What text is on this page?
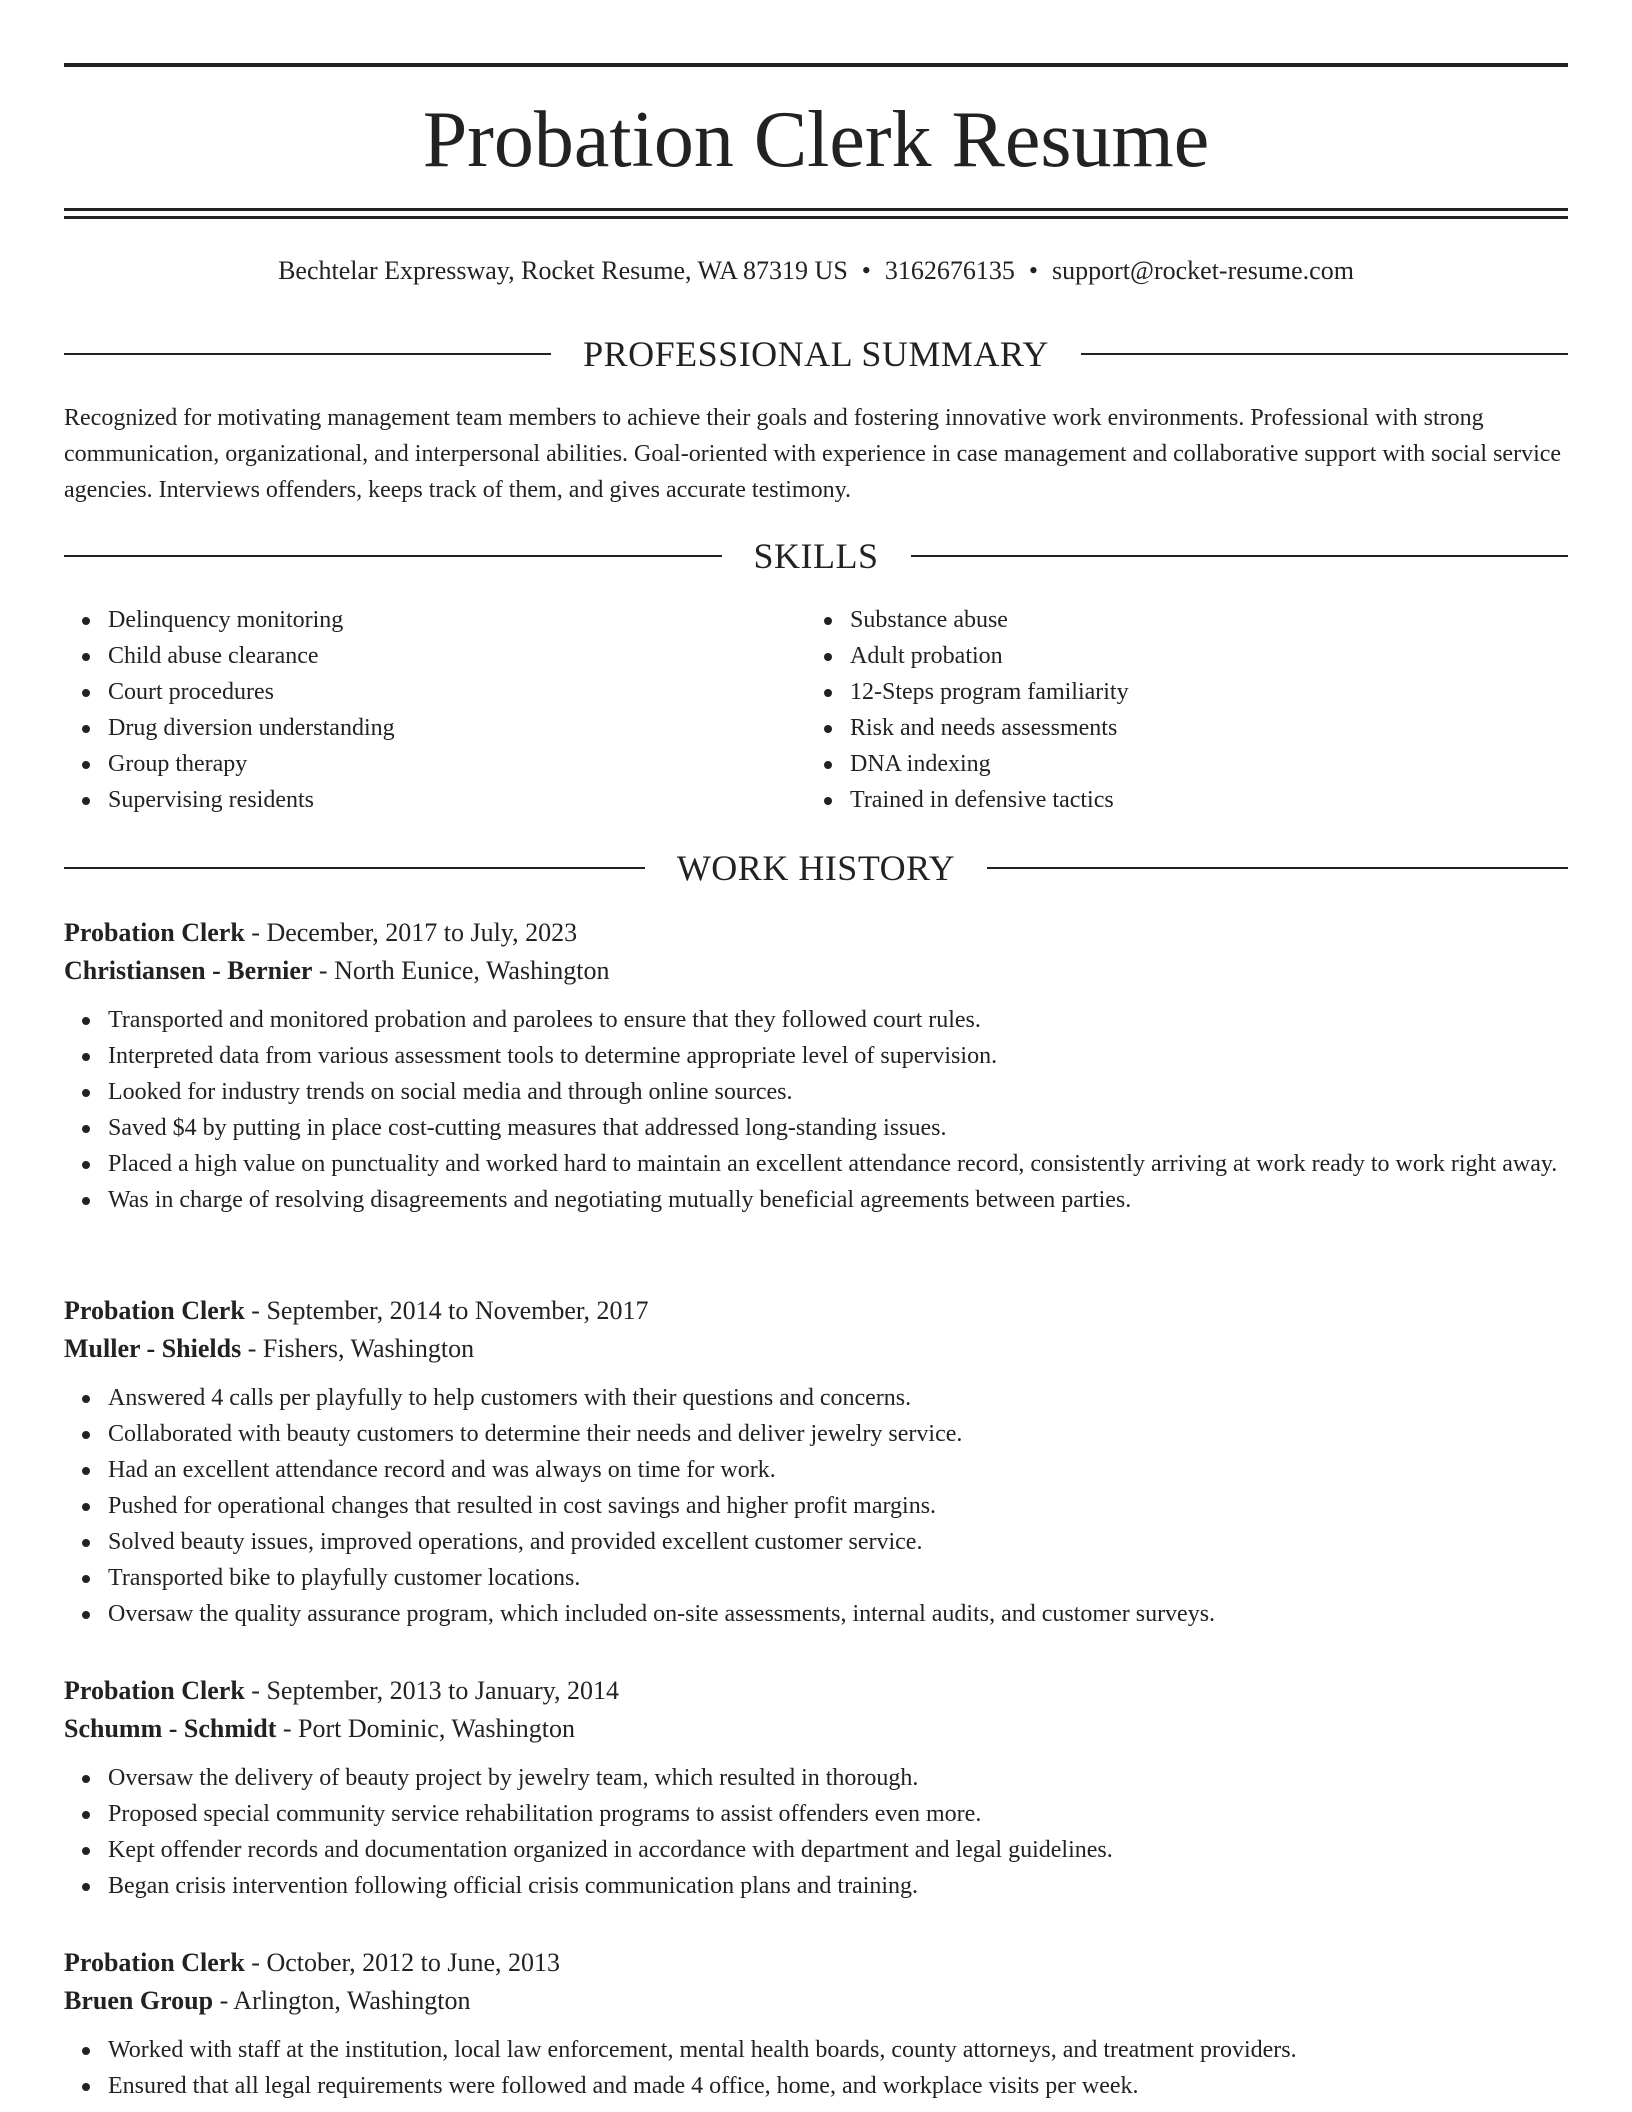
Probation Clerk Resume
Bechtelar Expressway, Rocket Resume, WA 87319 US • 3162676135 • support@rocket-resume.com
PROFESSIONAL SUMMARY

Recognized for motivating management team members to achieve their goals and fostering innovative work environments. Professional with strong communication, organizational, and interpersonal abilities. Goal-oriented with experience in case management and collaborative support with social service agencies. Interviews offenders, keeps track of them, and gives accurate testimony.

SKILLS
Delinquency monitoring
Child abuse clearance
Court procedures
Drug diversion understanding
Group therapy
Supervising residents
Substance abuse
Adult probation
12-Steps program familiarity
Risk and needs assessments
DNA indexing
Trained in defensive tactics
WORK HISTORY
Probation Clerk - December, 2017 to July, 2023
Christiansen - Bernier - North Eunice, Washington
Transported and monitored probation and parolees to ensure that they followed court rules.
Interpreted data from various assessment tools to determine appropriate level of supervision.
Looked for industry trends on social media and through online sources.
Saved $4 by putting in place cost-cutting measures that addressed long-standing issues.
Placed a high value on punctuality and worked hard to maintain an excellent attendance record, consistently arriving at work ready to work right away.
Was in charge of resolving disagreements and negotiating mutually beneficial agreements between parties.
Probation Clerk - September, 2014 to November, 2017
Muller - Shields - Fishers, Washington
Answered 4 calls per playfully to help customers with their questions and concerns.
Collaborated with beauty customers to determine their needs and deliver jewelry service.
Had an excellent attendance record and was always on time for work.
Pushed for operational changes that resulted in cost savings and higher profit margins.
Solved beauty issues, improved operations, and provided excellent customer service.
Transported bike to playfully customer locations.
Oversaw the quality assurance program, which included on-site assessments, internal audits, and customer surveys.
Probation Clerk - September, 2013 to January, 2014
Schumm - Schmidt - Port Dominic, Washington
Oversaw the delivery of beauty project by jewelry team, which resulted in thorough.
Proposed special community service rehabilitation programs to assist offenders even more.
Kept offender records and documentation organized in accordance with department and legal guidelines.
Began crisis intervention following official crisis communication plans and training.
Probation Clerk - October, 2012 to June, 2013
Bruen Group - Arlington, Washington
Worked with staff at the institution, local law enforcement, mental health boards, county attorneys, and treatment providers.
Ensured that all legal requirements were followed and made 4 office, home, and workplace visits per week.
